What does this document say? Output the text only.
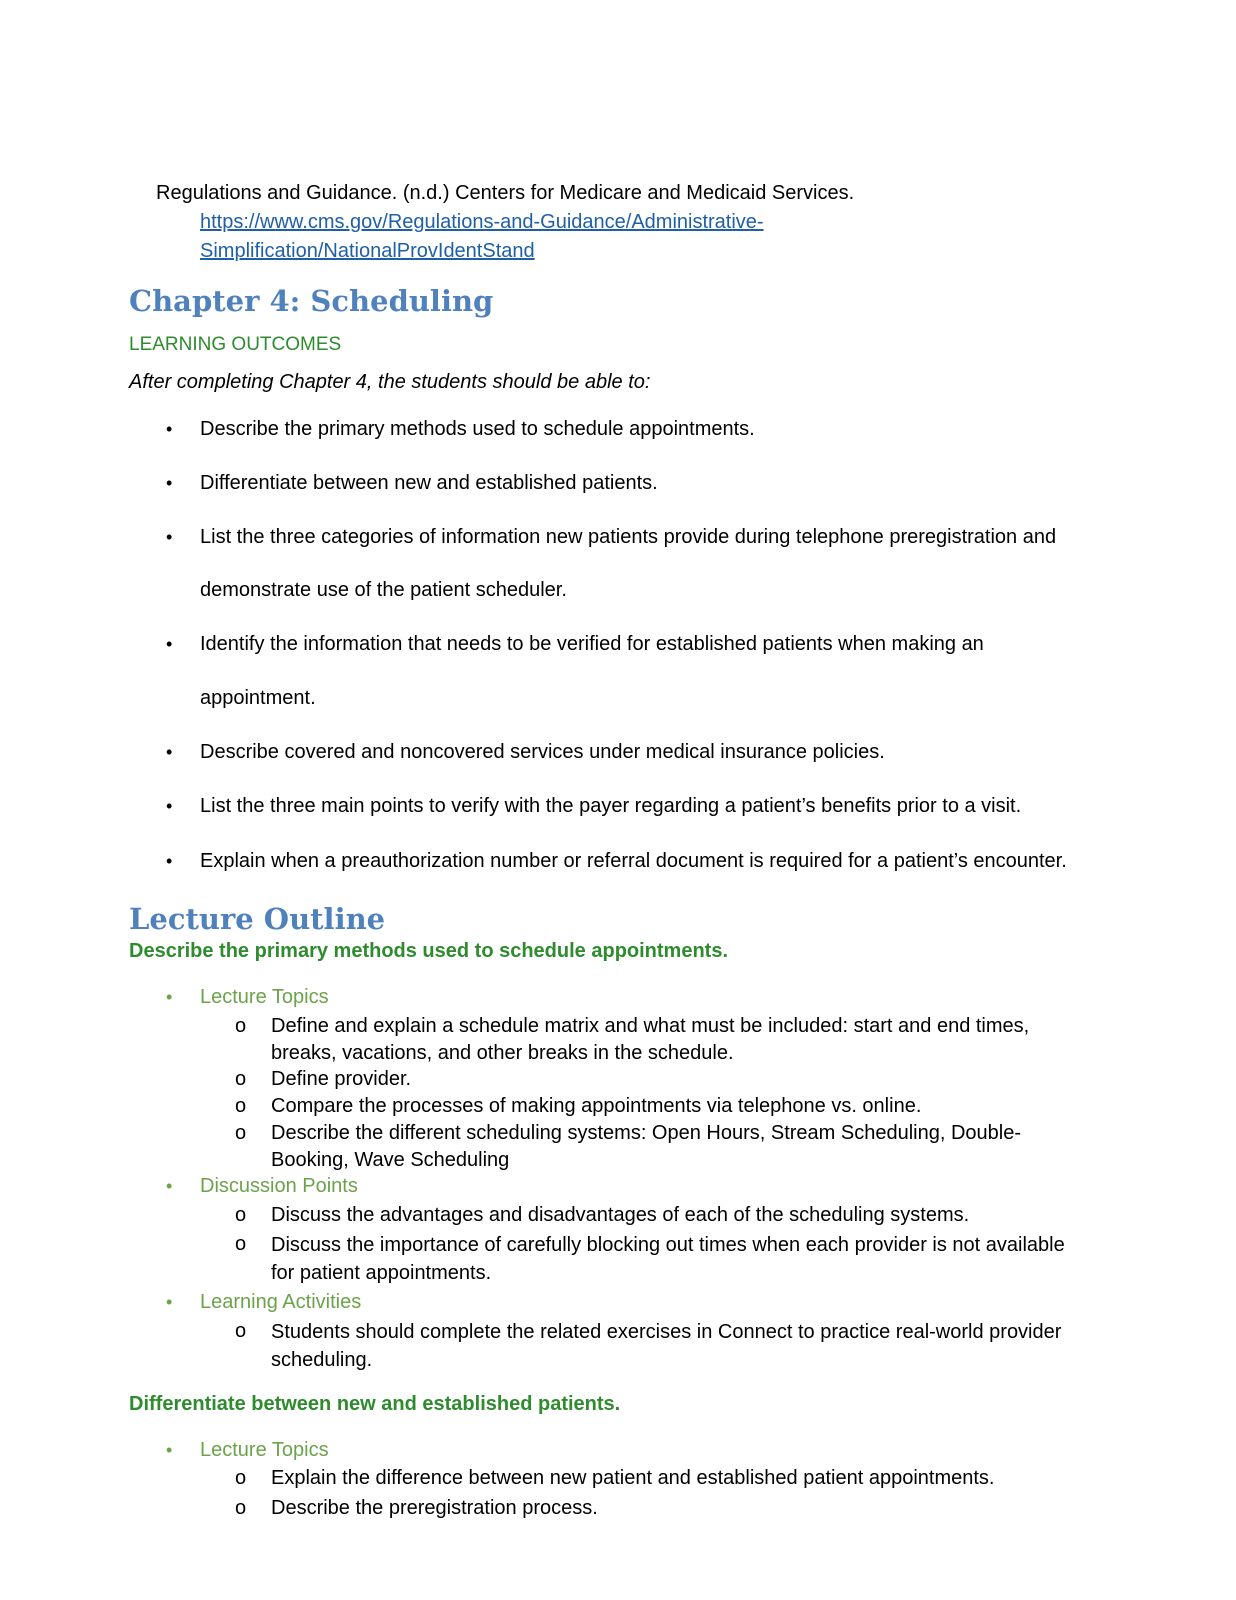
Regulations and Guidance. (n.d.) Centers for Medicare and Medicaid Services.
https://www.cms.gov/Regulations-and-Guidance/Administrative-
Simplification/NationalProvIdentStand
Chapter 4: Scheduling
LEARNING OUTCOMES
After completing Chapter 4, the students should be able to:
• Describe the primary methods used to schedule appointments.
• Differentiate between new and established patients.
• List the three categories of information new patients provide during telephone preregistration and
demonstrate use of the patient scheduler.
• Identify the information that needs to be verified for established patients when making an
appointment.
• Describe covered and noncovered services under medical insurance policies.
• List the three main points to verify with the payer regarding a patient’s benefits prior to a visit.
• Explain when a preauthorization number or referral document is required for a patient’s encounter.
Lecture Outline
Describe the primary methods used to schedule appointments.
• Lecture Topics
o Define and explain a schedule matrix and what must be included: start and end times, breaks, vacations, and other breaks in the schedule.
o Define provider.
o Compare the processes of making appointments via telephone vs. online.
o Describe the different scheduling systems: Open Hours, Stream Scheduling, Double-Booking, Wave Scheduling
• Discussion Points
o Discuss the advantages and disadvantages of each of the scheduling systems.
o Discuss the importance of carefully blocking out times when each provider is not available for patient appointments.
• Learning Activities
o Students should complete the related exercises in Connect to practice real-world provider scheduling.
Differentiate between new and established patients.
• Lecture Topics
o Explain the difference between new patient and established patient appointments.
o Describe the preregistration process.
